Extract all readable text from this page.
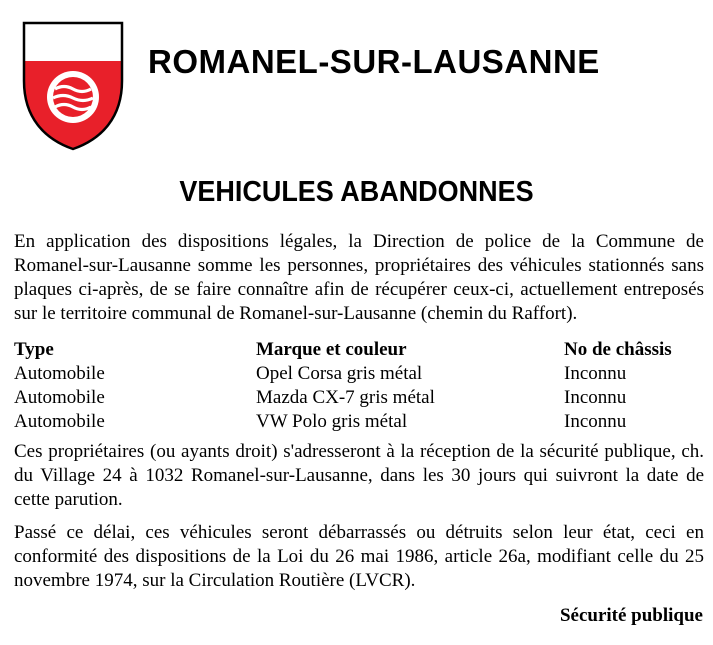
ROMANEL-SUR-LAUSANNE
VEHICULES ABANDONNES

En application des dispositions légales, la Direction de police de la Commune de Romanel-sur-Lausanne somme les personnes, propriétaires des véhicules stationnés sans plaques ci-après, de se faire connaître afin de récupérer ceux-ci, actuellement entreposés sur le territoire communal de Romanel-sur-Lausanne (chemin du Raffort).

Type	Marque et couleur	No de châssis
Automobile	Opel Corsa gris métal	Inconnu
Automobile	Mazda CX-7 gris métal	Inconnu
Automobile	VW Polo gris métal	Inconnu

Ces propriétaires (ou ayants droit) s'adresseront à la réception de la sécurité publique, ch. du Village 24 à 1032 Romanel-sur-Lausanne, dans les 30 jours qui suivront la date de cette parution.

Passé ce délai, ces véhicules seront débarrassés ou détruits selon leur état, ceci en conformité des dispositions de la Loi du 26 mai 1986, article 26a, modifiant celle du 25 novembre 1974, sur la Circulation Routière (LVCR).

Sécurité publique
